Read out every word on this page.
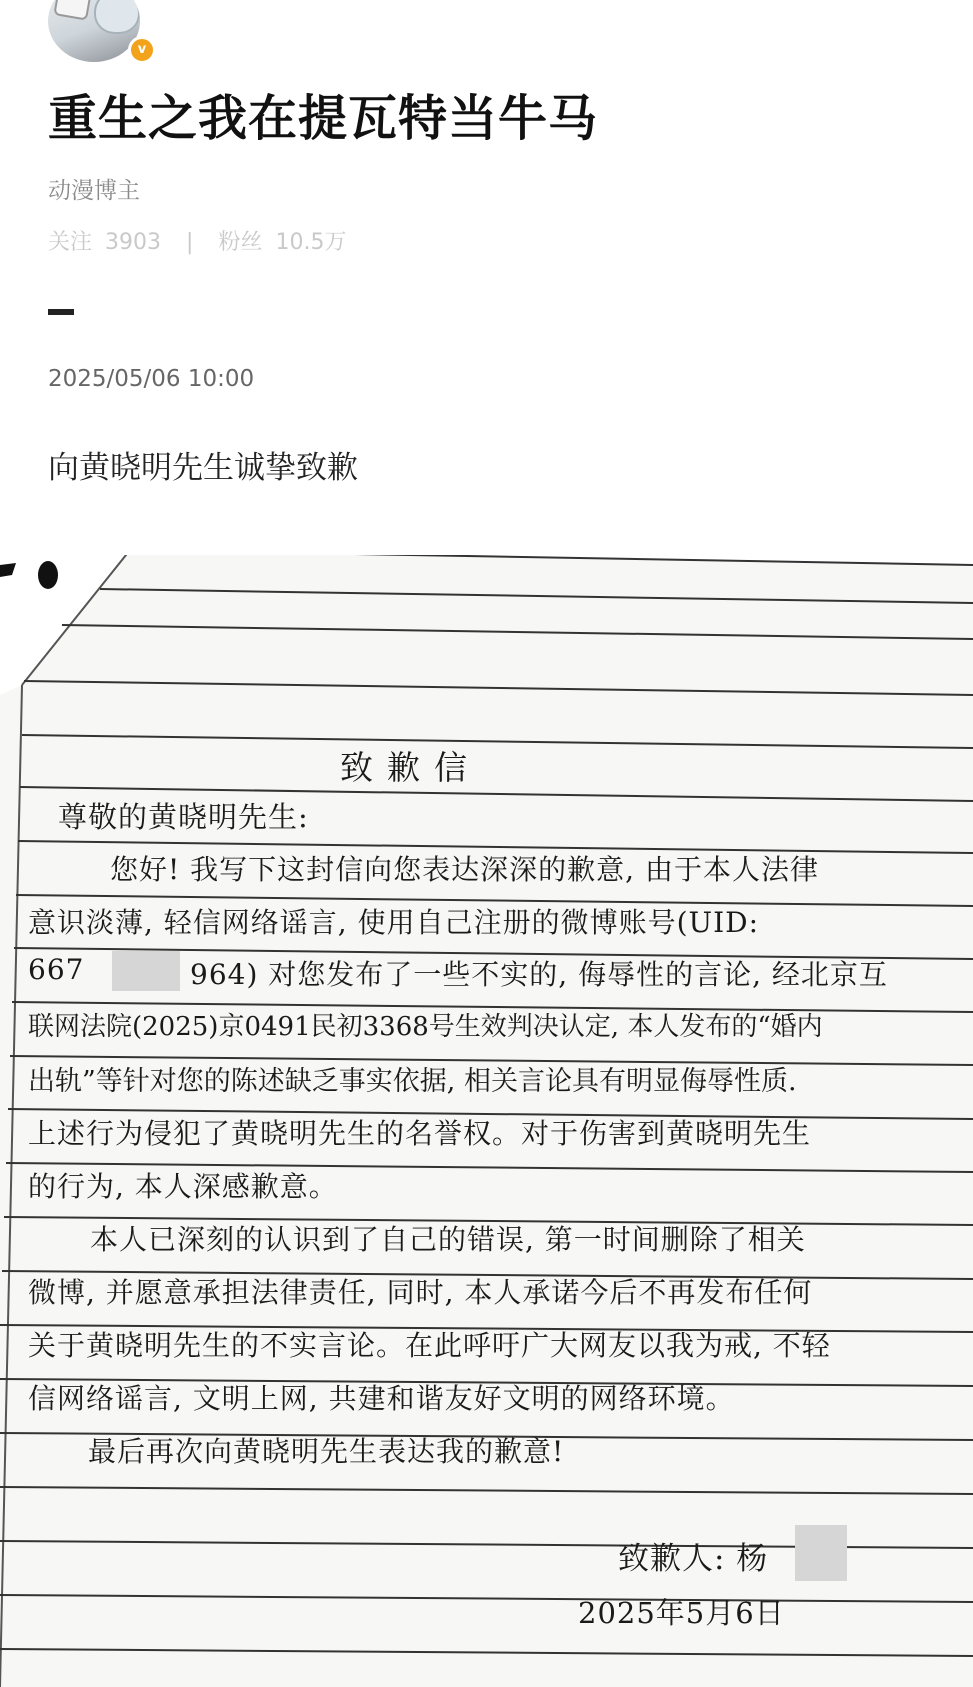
v
重生之我在提瓦特当牛马
动漫博主
关注 3903 | 粉丝 10.5万
2025/05/06 10:00
向黄晓明先生诚挚致歉
致歉信
尊敬的黄晓明先生:
您好! 我写下这封信向您表达深深的歉意, 由于本人法律
意识淡薄, 轻信网络谣言, 使用自己注册的微博账号(UID:
667	964) 对您发布了一些不实的, 侮辱性的言论, 经北京互
联网法院(2025)京0491民初3368号生效判决认定, 本人发布的“婚内
出轨”等针对您的陈述缺乏事实依据, 相关言论具有明显侮辱性质.
上述行为侵犯了黄晓明先生的名誉权。对于伤害到黄晓明先生
的行为, 本人深感歉意。
本人已深刻的认识到了自己的错误, 第一时间删除了相关
微博, 并愿意承担法律责任, 同时, 本人承诺今后不再发布任何
关于黄晓明先生的不实言论。在此呼吁广大网友以我为戒, 不轻
信网络谣言, 文明上网, 共建和谐友好文明的网络环境。
最后再次向黄晓明先生表达我的歉意!
致歉人: 杨
2025年5月6日
